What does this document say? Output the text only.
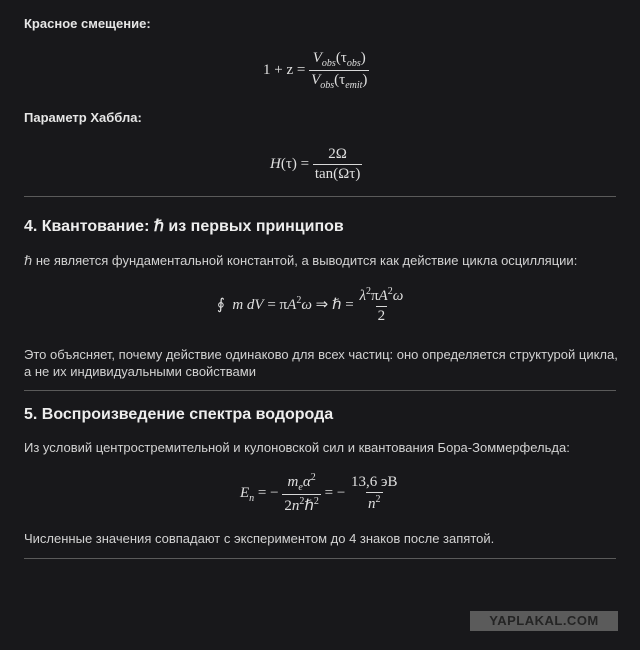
Красное смещение:
$1 + z = \frac{V_{obs}(\tau_{obs})}{V_{obs}(\tau_{emit})}$
Параметр Хаббла:
$H(\tau) = \frac{2\Omega}{\tan(\Omega\tau)}$
4. Квантование: ℏ из первых принципов
ℏ не является фундаментальной константой, а выводится как действие цикла осцилляции:
∮  m dV = $\pi A^2\omega$ ⇒ ℏ = $\frac{\lambda^2\pi A^2\omega}{2}$
Это объясняет, почему действие одинаково для всех частиц: оно определяется структурой цикла,
а не их индивидуальными свойствами
5. Воспроизведение спектра водорода
Из условий центростремительной и кулоновской сил и квантования Бора-Зоммерфельда:
$E_n$ = − $\frac{m_e\alpha^2}{2n^2\hbar^2}$ = − $\frac{13,6 эВ}{n^2}$
Численные значения совпадают с экспериментом до 4 знаков после запятой.
YAPLAKAL.COM
